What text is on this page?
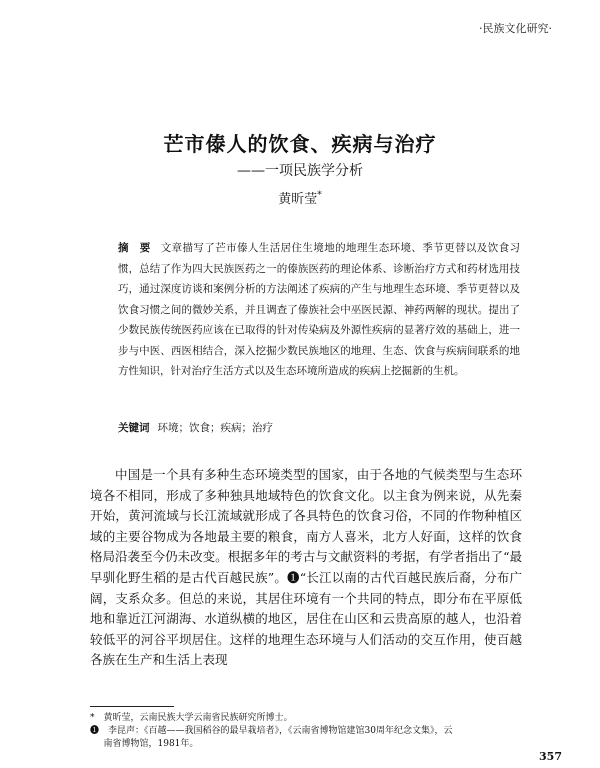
·民族文化研究·
芒市傣人的饮食、疾病与治疗
——一项民族学分析
黄昕莹*
摘　要 文章描写了芒市傣人生活居住生境地的地理生态环境、季节更替以及饮食习惯，总结了作为四大民族医药之一的傣族医药的理论体系、诊断治疗方式和药材选用技巧，通过深度访谈和案例分析的方法阐述了疾病的产生与地理生态环境、季节更替以及饮食习惯之间的微妙关系，并且调查了傣族社会中巫医民源、神药两解的现状。提出了少数民族传统医药应该在已取得的针对传染病及外源性疾病的显著疗效的基础上，进一步与中医、西医相结合，深入挖掘少数民族地区的地理、生态、饮食与疾病间联系的地方性知识，针对治疗生活方式以及生态环境所造成的疾病上挖掘新的生机。
关键词 环境；饮食；疾病；治疗
中国是一个具有多种生态环境类型的国家，由于各地的气候类型与生态环境各不相同，形成了多种独具地域特色的饮食文化。以主食为例来说，从先秦开始，黄河流域与长江流域就形成了各具特色的饮食习俗，不同的作物种植区域的主要谷物成为各地最主要的粮食，南方人喜米，北方人好面，这样的饮食格局沿袭至今仍未改变。根据多年的考古与文献资料的考据，有学者指出了“最早驯化野生稻的是古代百越民族”。❶“长江以南的古代百越民族后裔，分布广阔，支系众多。但总的来说，其居住环境有一个共同的特点，即分布在平原低地和靠近江河湖海、水道纵横的地区，居住在山区和云贵高原的越人，也沿着较低平的河谷平坝居住。这样的地理生态环境与人们活动的交互作用，使百越各族在生产和生活上表现

*　黄昕莹，云南民族大学云南省民族研究所博士。

❶　李昆声：《百越——我国稻谷的最早栽培者》，《云南省博物馆建馆30周年纪念文集》，云

南省博物馆，1981年。

357
